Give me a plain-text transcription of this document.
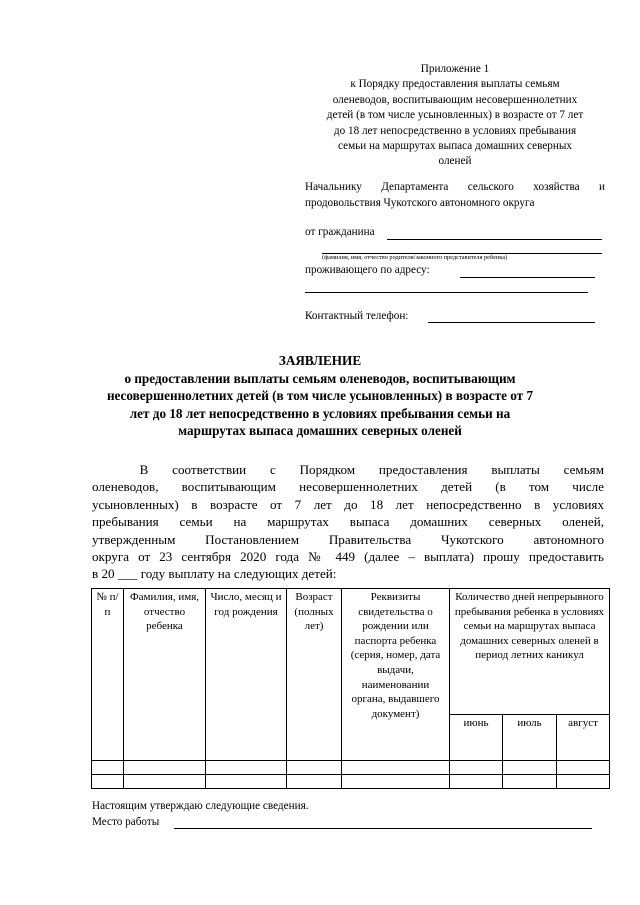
Приложение 1
к Порядку предоставления выплаты семьям
оленеводов, воспитывающим несовершеннолетних
детей (в том числе усыновленных) в возрасте от 7 лет
до 18 лет непосредственно в условиях пребывания
семьи на маршрутах выпаса домашних северных
оленей
Начальнику Департамента сельского хозяйства и
продовольствия Чукотского автономного округа
от гражданина
(фамилия, имя, отчество родителя/законного представителя ребенка)
проживающего по адресу:
Контактный телефон:
ЗАЯВЛЕНИЕ
о предоставлении выплаты семьям оленеводов, воспитывающим
несовершеннолетних детей (в том числе усыновленных) в возрасте от 7
лет до 18 лет непосредственно в условиях пребывания семьи на
маршрутах выпаса домашних северных оленей
В    соответствии    с    Порядком    предоставления    выплаты    семьям
оленеводов, воспитывающим несовершеннолетних детей (в том числе
усыновленных) в возрасте от 7 лет до 18 лет непосредственно в условиях
пребывания семьи на маршрутах выпаса домашних северных оленей,
утвержденным Постановлением Правительства Чукотского автономного
округа от 23 сентября 2020 года № 449 (далее – выплата) прошу предоставить
в 20 ___ году выплату на следующих детей:
№ п/п	Фамилия, имя, отчество ребенка	Число, месяц и год рождения	Возраст (полных лет)	Реквизиты свидетельства о рождении или паспорта ребенка (серия, номер, дата выдачи, наименовании органа, выдавшего документ)	Количество дней непрерывного пребывания ребенка в условиях семьи на маршрутах выпаса домашних северных оленей в период летних каникул		
					июнь	июль	август

Настоящим утверждаю следующие сведения.
Место работы
